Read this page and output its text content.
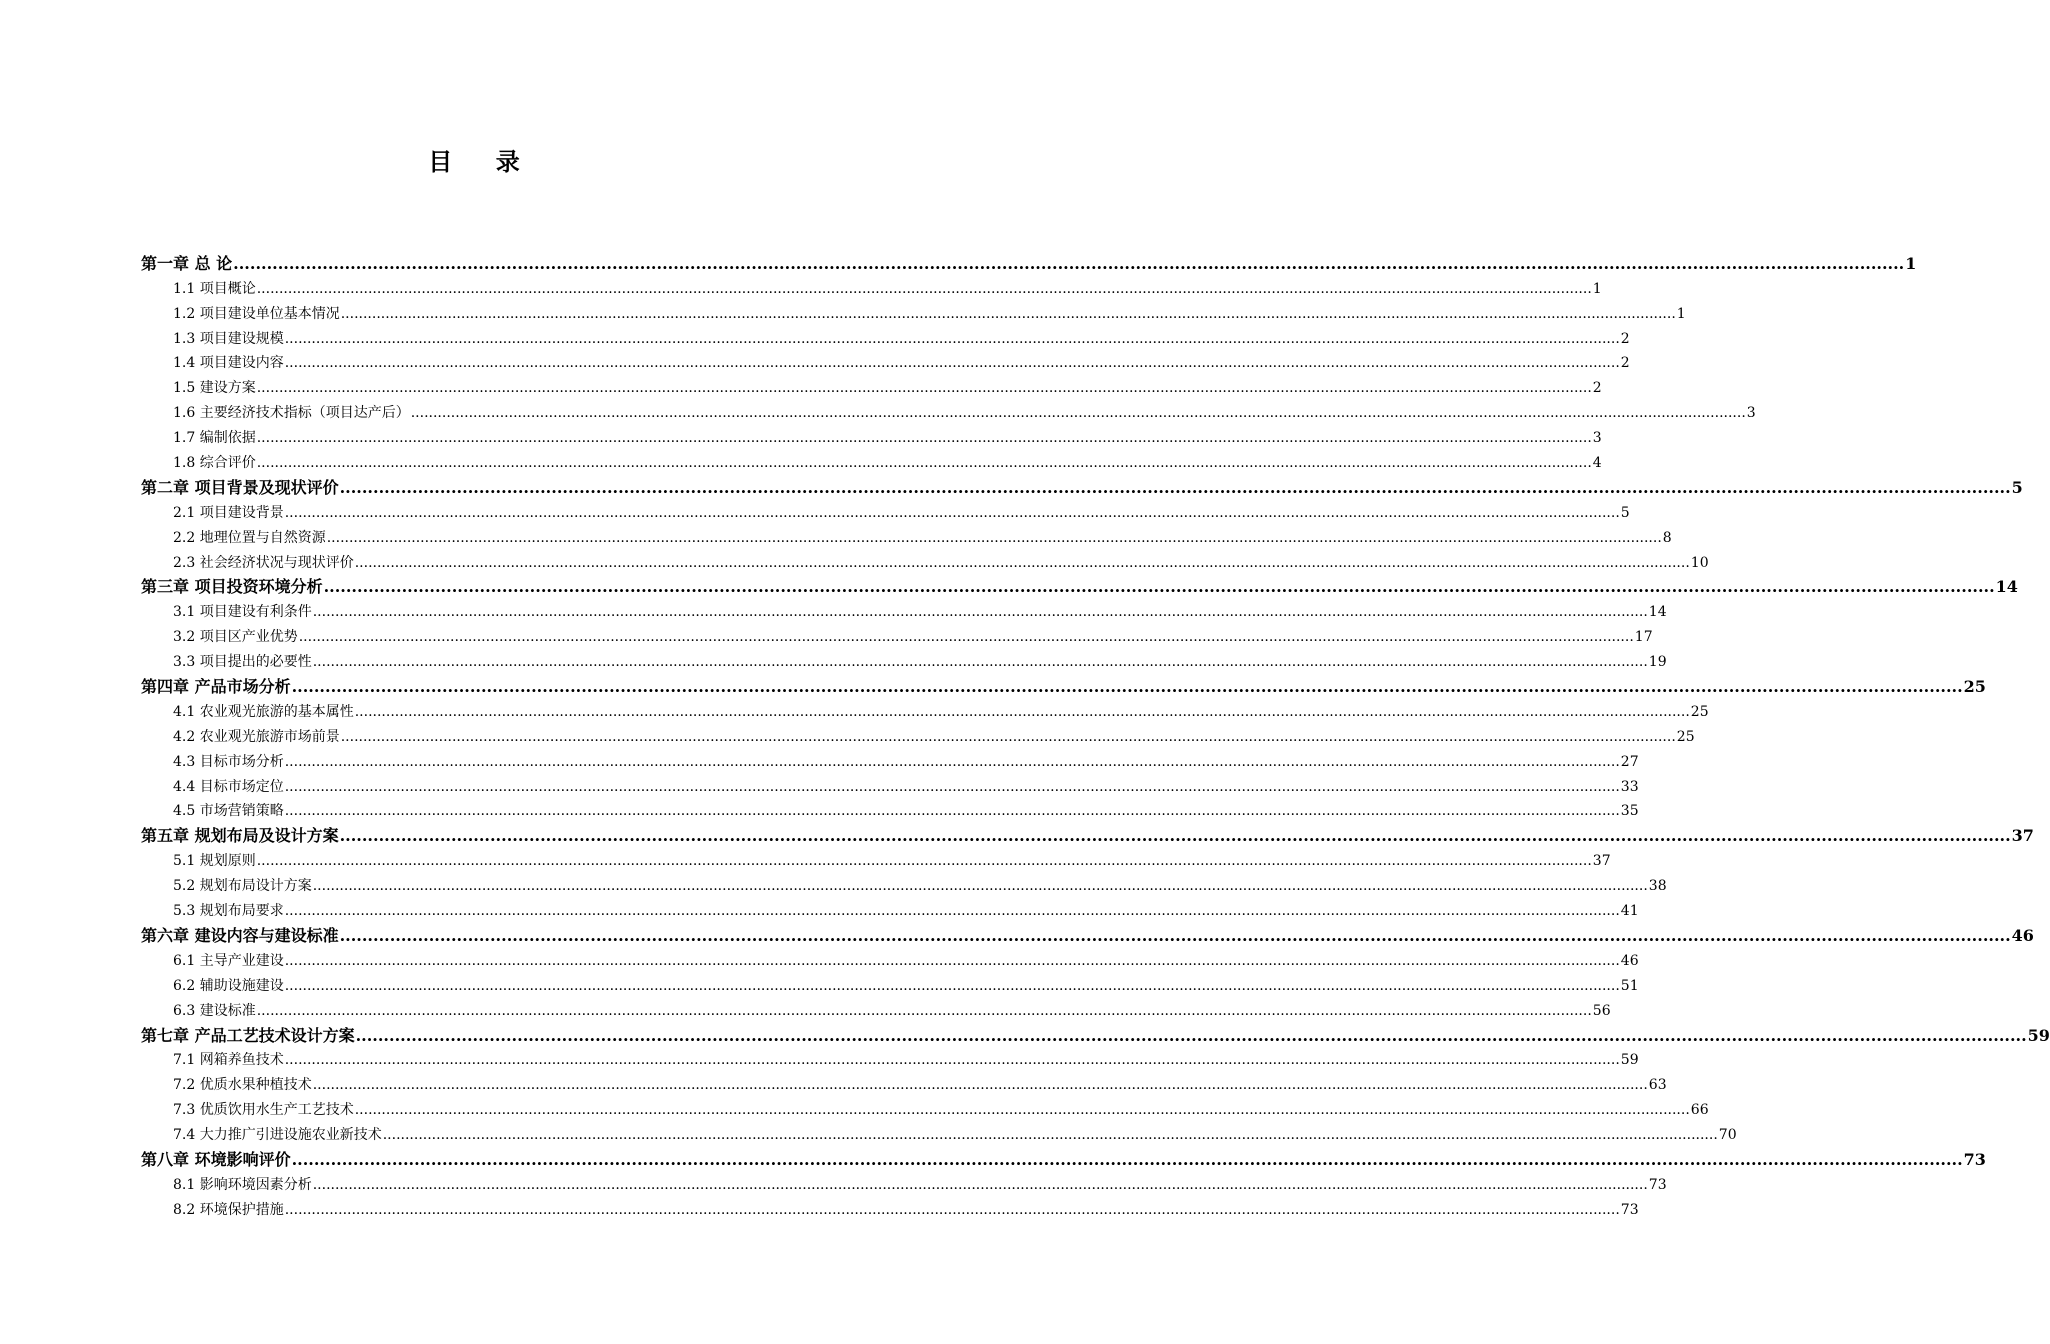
目    录
第一章 总 论 ............................................................................................................................................................................................................................................................................................................ 1
1.1 项目概论 ............................................................................................................................................................................................................................................................................................................ 1
1.2 项目建设单位基本情况 ............................................................................................................................................................................................................................................................................................................ 1
1.3 项目建设规模 ............................................................................................................................................................................................................................................................................................................ 2
1.4 项目建设内容 ............................................................................................................................................................................................................................................................................................................ 2
1.5 建设方案 ............................................................................................................................................................................................................................................................................................................ 2
1.6 主要经济技术指标（项目达产后） ............................................................................................................................................................................................................................................................................................................ 3
1.7 编制依据 ............................................................................................................................................................................................................................................................................................................ 3
1.8 综合评价 ............................................................................................................................................................................................................................................................................................................ 4
第二章 项目背景及现状评价 ............................................................................................................................................................................................................................................................................................................ 5
2.1 项目建设背景 ............................................................................................................................................................................................................................................................................................................ 5
2.2 地理位置与自然资源 ............................................................................................................................................................................................................................................................................................................ 8
2.3 社会经济状况与现状评价 ............................................................................................................................................................................................................................................................................................................ 10
第三章 项目投资环境分析 ............................................................................................................................................................................................................................................................................................................ 14
3.1 项目建设有利条件 ............................................................................................................................................................................................................................................................................................................ 14
3.2 项目区产业优势 ............................................................................................................................................................................................................................................................................................................ 17
3.3 项目提出的必要性 ............................................................................................................................................................................................................................................................................................................ 19
第四章 产品市场分析 ............................................................................................................................................................................................................................................................................................................ 25
4.1 农业观光旅游的基本属性 ............................................................................................................................................................................................................................................................................................................ 25
4.2 农业观光旅游市场前景 ............................................................................................................................................................................................................................................................................................................ 25
4.3 目标市场分析 ............................................................................................................................................................................................................................................................................................................ 27
4.4 目标市场定位 ............................................................................................................................................................................................................................................................................................................ 33
4.5 市场营销策略 ............................................................................................................................................................................................................................................................................................................ 35
第五章 规划布局及设计方案 ............................................................................................................................................................................................................................................................................................................ 37
5.1 规划原则 ............................................................................................................................................................................................................................................................................................................ 37
5.2 规划布局设计方案 ............................................................................................................................................................................................................................................................................................................ 38
5.3 规划布局要求 ............................................................................................................................................................................................................................................................................................................ 41
第六章 建设内容与建设标准 ............................................................................................................................................................................................................................................................................................................ 46
6.1 主导产业建设 ............................................................................................................................................................................................................................................................................................................ 46
6.2 辅助设施建设 ............................................................................................................................................................................................................................................................................................................ 51
6.3 建设标准 ............................................................................................................................................................................................................................................................................................................ 56
第七章 产品工艺技术设计方案 ............................................................................................................................................................................................................................................................................................................ 59
7.1 网箱养鱼技术 ............................................................................................................................................................................................................................................................................................................ 59
7.2 优质水果种植技术 ............................................................................................................................................................................................................................................................................................................ 63
7.3 优质饮用水生产工艺技术 ............................................................................................................................................................................................................................................................................................................ 66
7.4 大力推广引进设施农业新技术 ............................................................................................................................................................................................................................................................................................................ 70
第八章 环境影响评价 ............................................................................................................................................................................................................................................................................................................ 73
8.1 影响环境因素分析 ............................................................................................................................................................................................................................................................................................................ 73
8.2 环境保护措施 ............................................................................................................................................................................................................................................................................................................ 73
